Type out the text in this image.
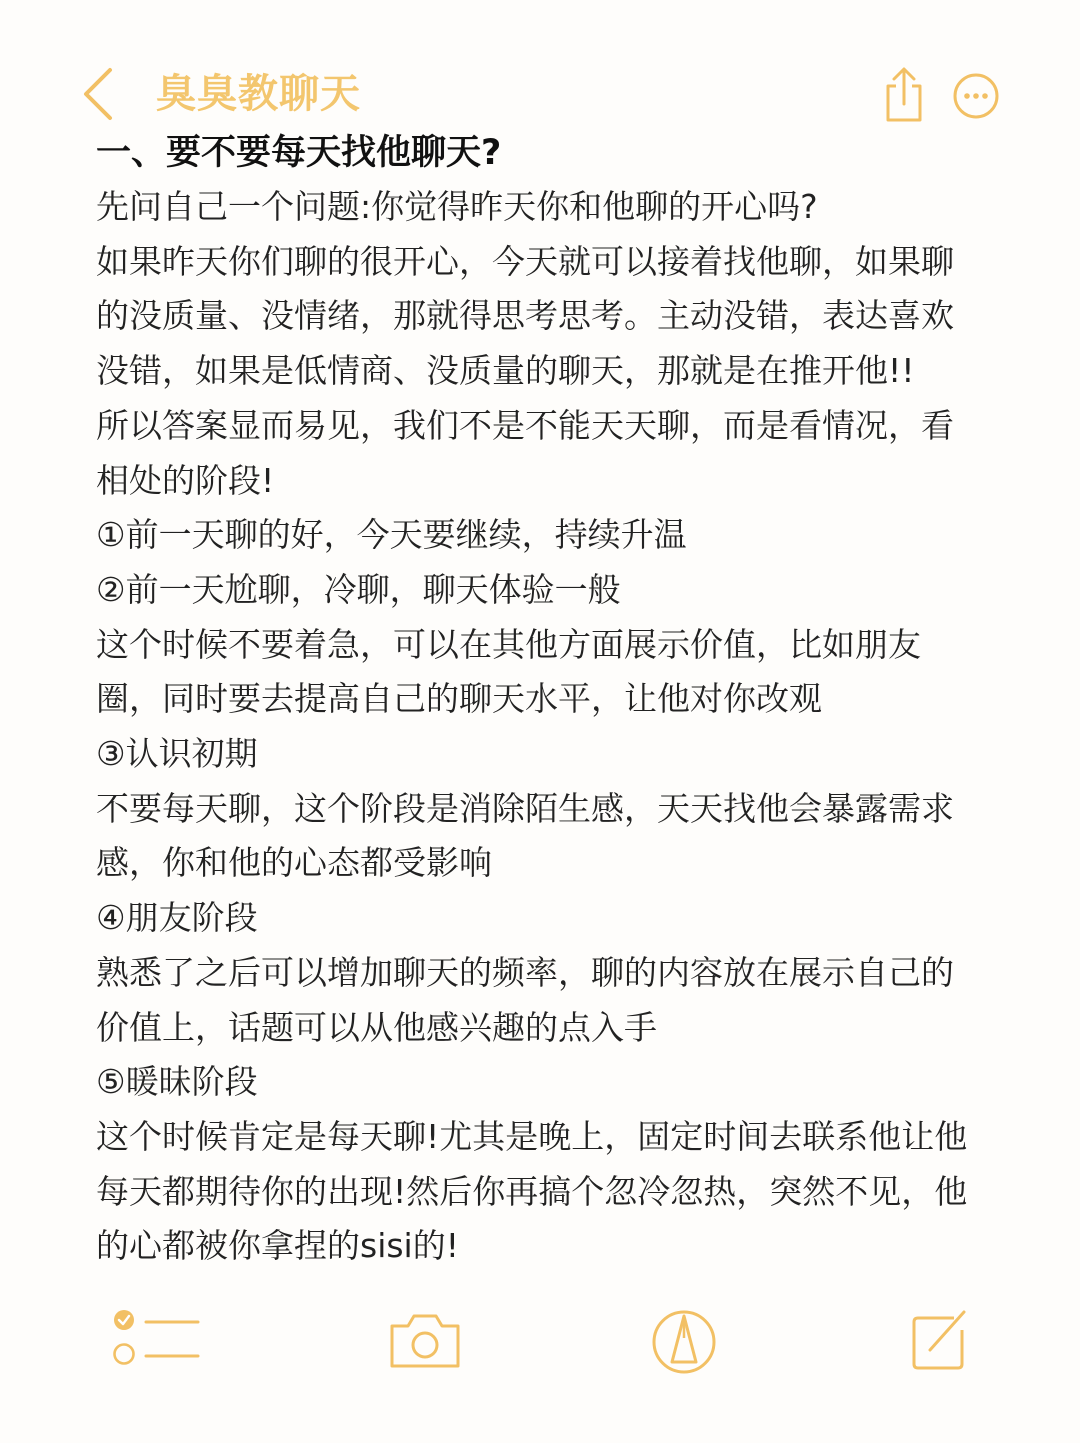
臭臭教聊天
一、要不要每天找他聊天?
先问自己一个问题:你觉得昨天你和他聊的开心吗?
如果昨天你们聊的很开心，今天就可以接着找他聊，如果聊
的没质量、没情绪，那就得思考思考。主动没错，表达喜欢
没错，如果是低情商、没质量的聊天，那就是在推开他!!
所以答案显而易见，我们不是不能天天聊，而是看情况，看
相处的阶段!
①前一天聊的好，今天要继续，持续升温
②前一天尬聊，冷聊，聊天体验一般
这个时候不要着急，可以在其他方面展示价值，比如朋友
圈，同时要去提高自己的聊天水平，让他对你改观
③认识初期
不要每天聊，这个阶段是消除陌生感，天天找他会暴露需求
感，你和他的心态都受影响
④朋友阶段
熟悉了之后可以增加聊天的频率，聊的内容放在展示自己的
价值上，话题可以从他感兴趣的点入手
⑤暖昧阶段
这个时候肯定是每天聊!尤其是晚上，固定时间去联系他让他
每天都期待你的出现!然后你再搞个忽冷忽热，突然不见，他
的心都被你拿捏的sisi的!
